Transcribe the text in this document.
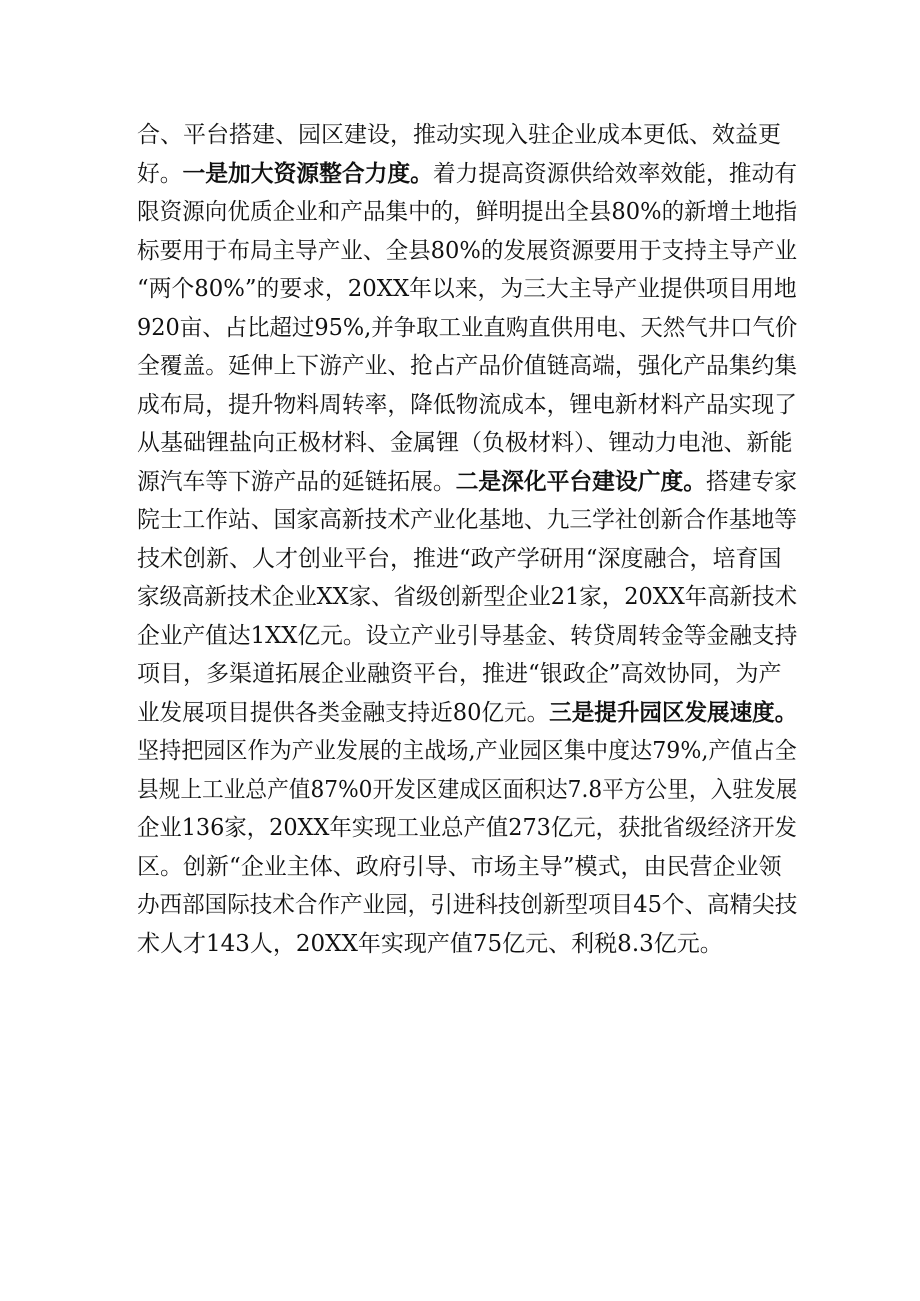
合、平台搭建、园区建设，推动实现入驻企业成本更低、效益更
好。一是加大资源整合力度。着力提高资源供给效率效能，推动有
限资源向优质企业和产品集中的，鲜明提出全县80%的新增土地指
标要用于布局主导产业、全县80%的发展资源要用于支持主导产业
“两个80%”的要求，20XX年以来，为三大主导产业提供项目用地
920亩、占比超过95%,并争取工业直购直供用电、天然气井口气价
全覆盖。延伸上下游产业、抢占产品价值链高端，强化产品集约集
成布局，提升物料周转率，降低物流成本，锂电新材料产品实现了
从基础锂盐向正极材料、金属锂（负极材料）、锂动力电池、新能
源汽车等下游产品的延链拓展。二是深化平台建设广度。搭建专家
院士工作站、国家高新技术产业化基地、九三学社创新合作基地等
技术创新、人才创业平台，推进“政产学研用“深度融合，培育国
家级高新技术企业XX家、省级创新型企业21家，20XX年高新技术
企业产值达1XX亿元。设立产业引导基金、转贷周转金等金融支持
项目，多渠道拓展企业融资平台，推进“银政企”高效协同，为产
业发展项目提供各类金融支持近80亿元。三是提升园区发展速度。
坚持把园区作为产业发展的主战场,产业园区集中度达79%,产值占全
县规上工业总产值87%0开发区建成区面积达7.8平方公里，入驻发展
企业136家，20XX年实现工业总产值273亿元，获批省级经济开发
区。创新“企业主体、政府引导、市场主导”模式，由民营企业领
办西部国际技术合作产业园，引进科技创新型项目45个、高精尖技
术人才143人，20XX年实现产值75亿元、利税8.3亿元。
